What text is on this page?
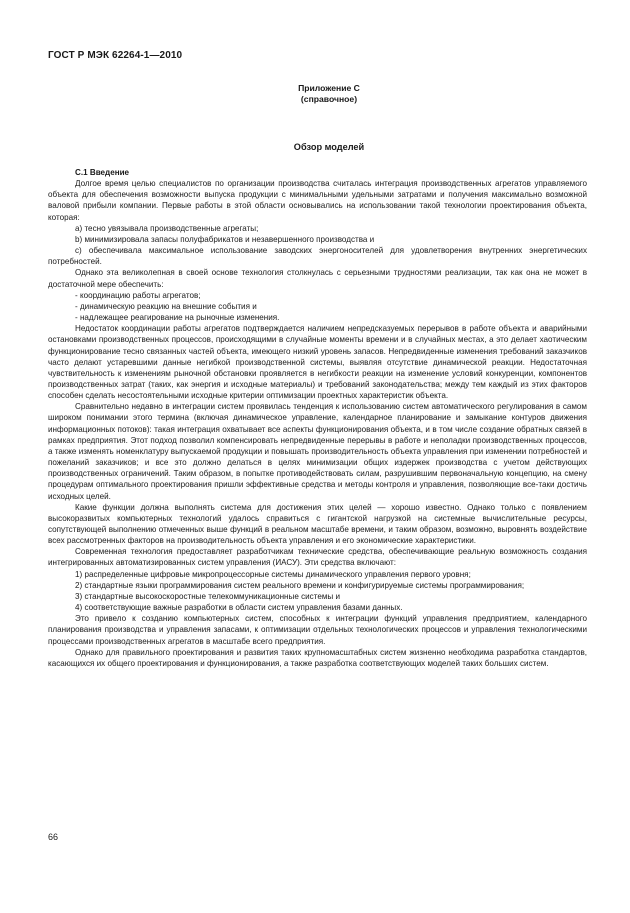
ГОСТ Р МЭК 62264-1—2010
Приложение С
(справочное)
Обзор моделей
С.1 Введение

Долгое время целью специалистов по организации производства считалась интеграция производственных агрегатов управляемого объекта для обеспечения возможности выпуска продукции с минимальными удельными затратами и получения максимально возможной валовой прибыли компании. Первые работы в этой области основывались на использовании такой технологии проектирования объекта, которая:

а) тесно увязывала производственные агрегаты;

b) минимизировала запасы полуфабрикатов и незавершенного производства и

c) обеспечивала максимальное использование заводских энергоносителей для удовлетворения внутренних энергетических потребностей.

Однако эта великолепная в своей основе технология столкнулась с серьезными трудностями реализации, так как она не может в достаточной мере обеспечить:

- координацию работы агрегатов;

- динамическую реакцию на внешние события и

- надлежащее реагирование на рыночные изменения.

Недостаток координации работы агрегатов подтверждается наличием непредсказуемых перерывов в работе объекта и аварийными остановками производственных процессов, происходящими в случайные моменты времени и в случайных местах, а это делает хаотическим функционирование тесно связанных частей объекта, имеющего низкий уровень запасов. Непредвиденные изменения требований заказчиков часто делают устаревшими данные негибкой производственной системы, выявляя отсутствие динамической реакции. Недостаточная чувствительность к изменениям рыночной обстановки проявляется в негибкости реакции на изменение условий конкуренции, компонентов производственных затрат (таких, как энергия и исходные материалы) и требований законодательства; между тем каждый из этих факторов способен сделать несостоятельными исходные критерии оптимизации проектных характеристик объекта.

Сравнительно недавно в интеграции систем проявилась тенденция к использованию систем автоматического регулирования в самом широком понимании этого термина (включая динамическое управление, календарное планирование и замыкание контуров движения информационных потоков): такая интеграция охватывает все аспекты функционирования объекта, и в том числе создание обратных связей в рамках предприятия. Этот подход позволил компенсировать непредвиденные перерывы в работе и неполадки производственных процессов, а также изменять номенклатуру выпускаемой продукции и повышать производительность объекта управления при изменении потребностей и пожеланий заказчиков; и все это должно делаться в целях минимизации общих издержек производства с учетом действующих производственных ограничений. Таким образом, в попытке противодействовать силам, разрушившим первоначальную концепцию, на смену процедурам оптимального проектирования пришли эффективные средства и методы контроля и управления, позволяющие все-таки достичь исходных целей.

Какие функции должна выполнять система для достижения этих целей — хорошо известно. Однако только с появлением высокоразвитых компьютерных технологий удалось справиться с гигантской нагрузкой на системные вычислительные ресурсы, сопутствующей выполнению отмеченных выше функций в реальном масштабе времени, и таким образом, возможно, выровнять воздействие всех рассмотренных факторов на производительность объекта управления и его экономические характеристики.

Современная технология предоставляет разработчикам технические средства, обеспечивающие реальную возможность создания интегрированных автоматизированных систем управления (ИАСУ). Эти средства включают:

1) распределенные цифровые микропроцессорные системы динамического управления первого уровня;

2) стандартные языки программирования систем реального времени и конфигурируемые системы программирования;

3) стандартные высокоскоростные телекоммуникационные системы и

4) соответствующие важные разработки в области систем управления базами данных.

Это привело к созданию компьютерных систем, способных к интеграции функций управления предприятием, календарного планирования производства и управления запасами, к оптимизации отдельных технологических процессов и управления технологическими процессами производственных агрегатов в масштабе всего предприятия.

Однако для правильного проектирования и развития таких крупномасштабных систем жизненно необходима разработка стандартов, касающихся их общего проектирования и функционирования, а также разработка соответствующих моделей таких больших систем.

66
